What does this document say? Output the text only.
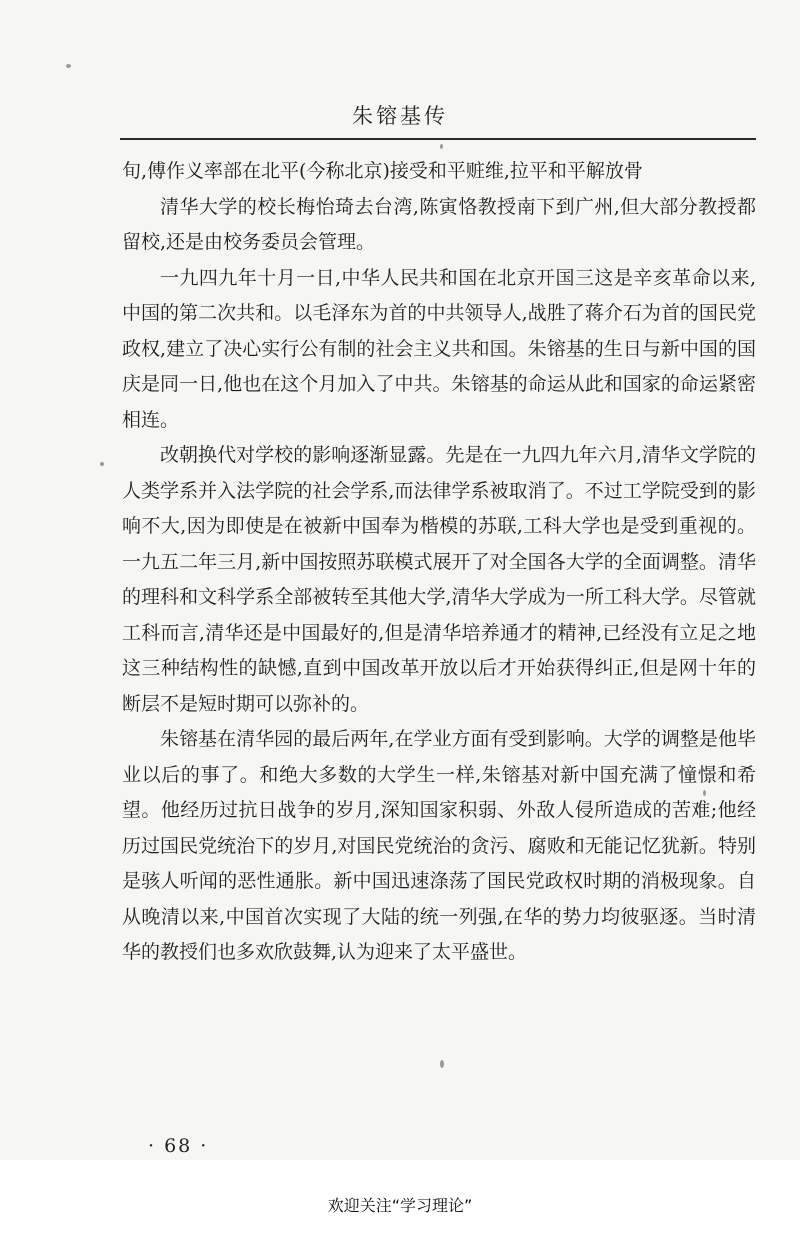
朱镕基传

旬,傅作义率部在北平(今称北京)接受和平赃维,拉平和平解放骨

清华大学的校长梅怡琦去台湾,陈寅恪教授南下到广州,但大部分教授都留校,还是由校务委员会管理。

一九四九年十月一日,中华人民共和国在北京开国三这是辛亥革命以来,中国的第二次共和。以毛泽东为首的中共领导人,战胜了蒋介石为首的国民党政权,建立了决心实行公有制的社会主义共和国。朱镕基的生日与新中国的国庆是同一日,他也在这个月加入了中共。朱镕基的命运从此和国家的命运紧密相连。

改朝换代对学校的影响逐渐显露。先是在一九四九年六月,清华文学院的人类学系并入法学院的社会学系,而法律学系被取消了。不过工学院受到的影响不大,因为即使是在被新中国奉为楷模的苏联,工科大学也是受到重视的。一九五二年三月,新中国按照苏联模式展开了对全国各大学的全面调整。清华的理科和文科学系全部被转至其他大学,清华大学成为一所工科大学。尽管就工科而言,清华还是中国最好的,但是清华培养通才的精神,已经没有立足之地这三种结构性的缺憾,直到中国改革开放以后才开始获得纠正,但是网十年的断层不是短时期可以弥补的。

朱镕基在清华园的最后两年,在学业方面有受到影响。大学的调整是他毕业以后的事了。和绝大多数的大学生一样,朱镕基对新中国充满了憧憬和希望。他经历过抗日战争的岁月,深知国家积弱、外敌人侵所造成的苦难;他经历过国民党统治下的岁月,对国民党统治的贪污、腐败和无能记忆犹新。特别是骇人听闻的恶性通胀。新中国迅速涤荡了国民党政权时期的消极现象。自从晚清以来,中国首次实现了大陆的统一列强,在华的势力均彼驱逐。当时清华的教授们也多欢欣鼓舞,认为迎来了太平盛世。

· 68 ·
欢迎关注“学习理论”
